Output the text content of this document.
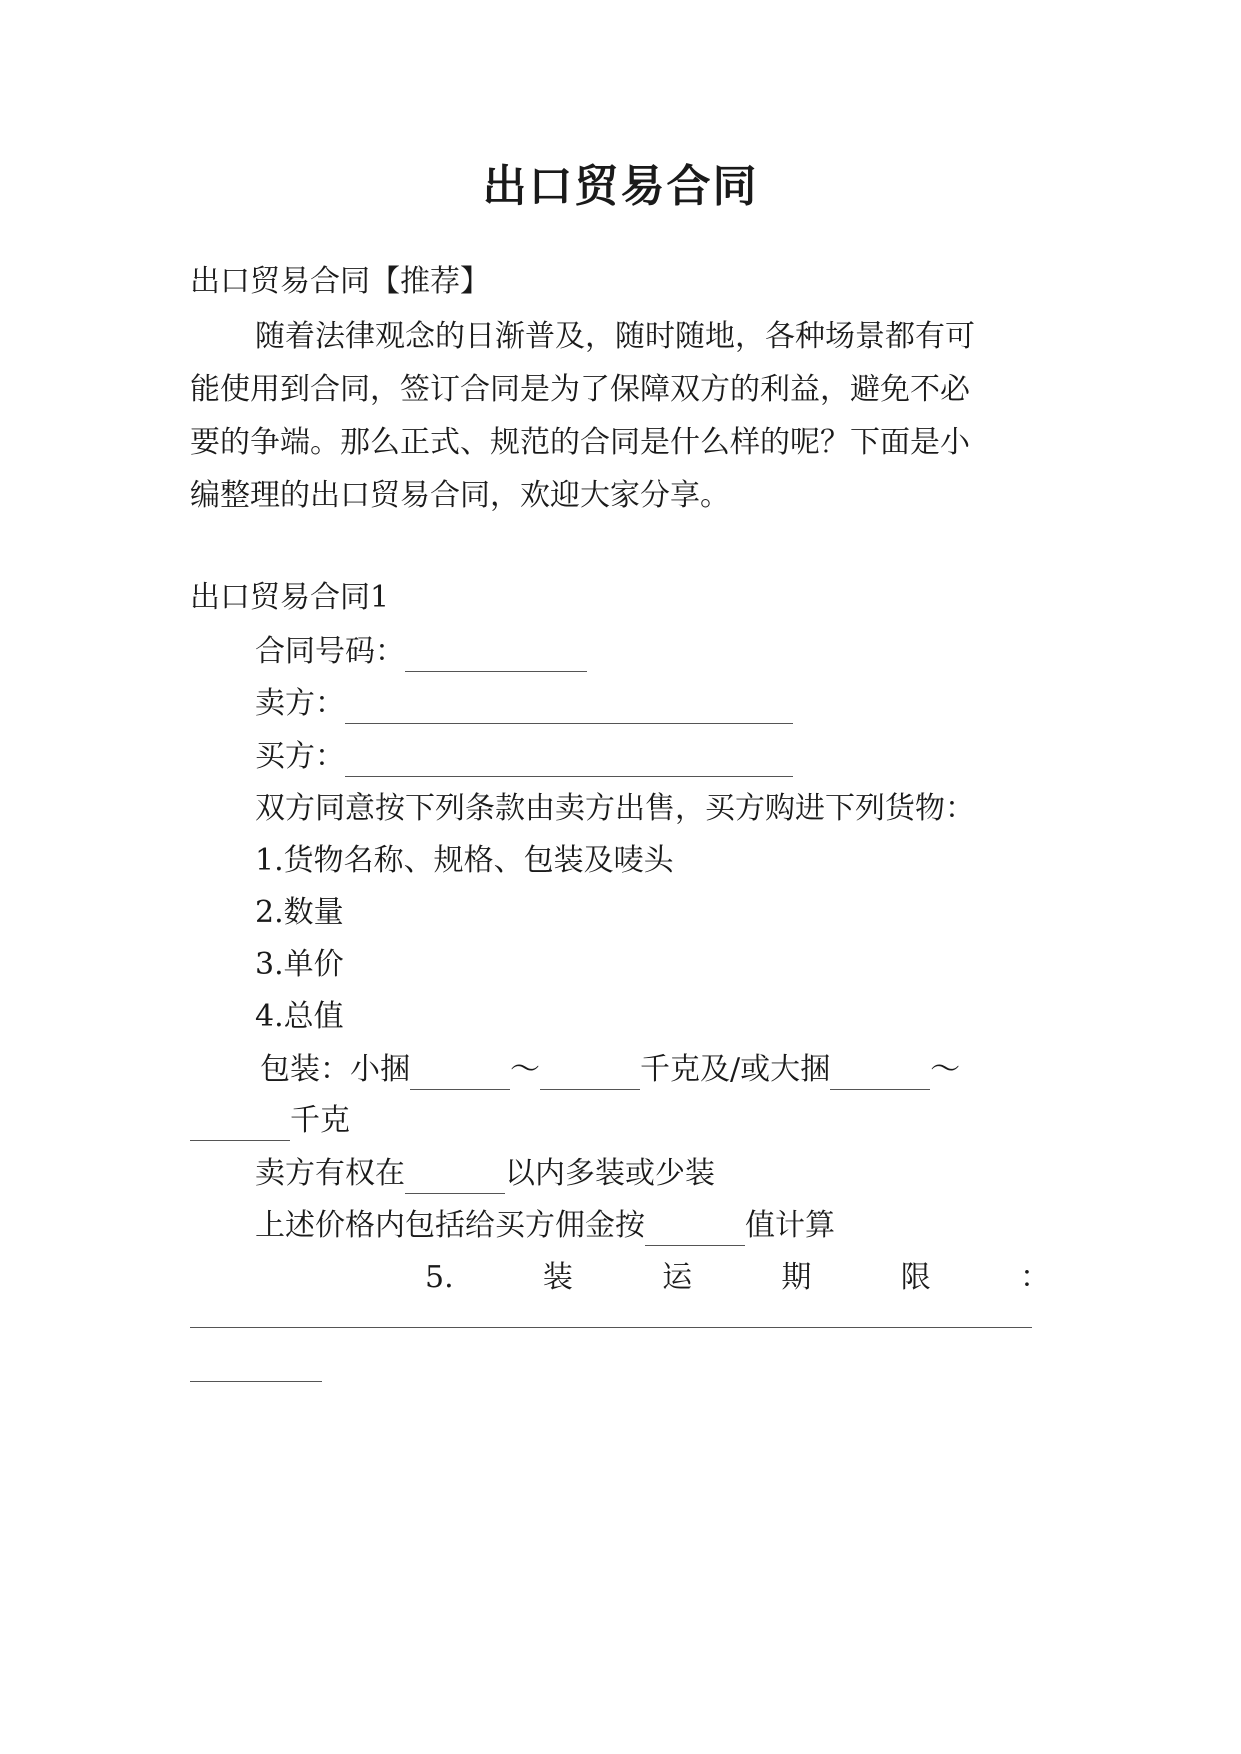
出口贸易合同

出口贸易合同【推荐】

随着法律观念的日渐普及，随时随地，各种场景都有可

能使用到合同，签订合同是为了保障双方的利益，避免不必

要的争端。那么正式、规范的合同是什么样的呢？下面是小

编整理的出口贸易合同，欢迎大家分享。

出口贸易合同1

合同号码：

卖方：

买方：

双方同意按下列条款由卖方出售，买方购进下列货物：

1.货物名称、规格、包装及唛头

2.数量

3.单价

4.总值

包装：小捆	～	千克及/或大捆	～

千克

卖方有权在	以内多装或少装

上述价格内包括给买方佣金按	值计算

5.	装	运	期	限	：
